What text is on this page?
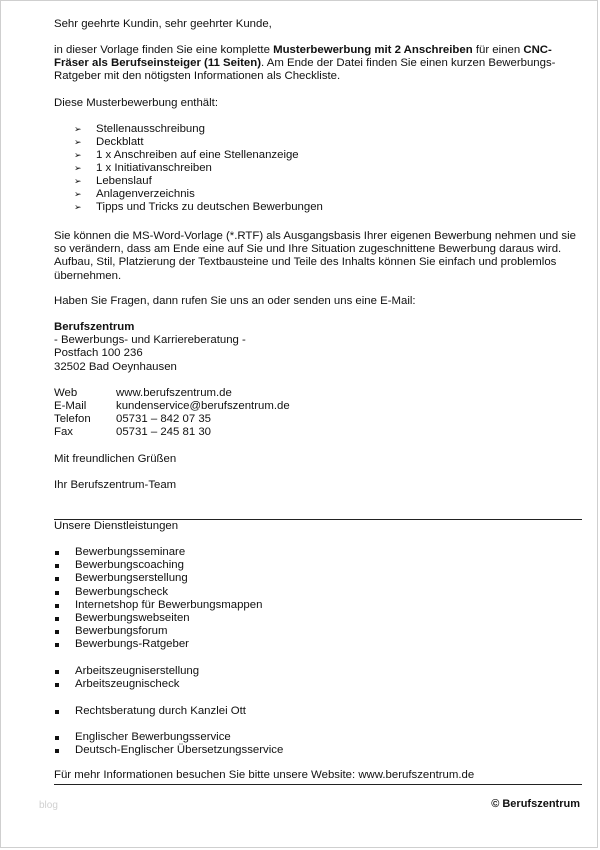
Sehr geehrte Kundin, sehr geehrter Kunde,

in dieser Vorlage finden Sie eine komplette Musterbewerbung mit 2 Anschreiben für einen CNC-Fräser als Berufseinsteiger (11 Seiten). Am Ende der Datei finden Sie einen kurzen Bewerbungs-Ratgeber mit den nötigsten Informationen als Checkliste.

Diese Musterbewerbung enthält:

➢ Stellenausschreibung
➢ Deckblatt
➢ 1 x Anschreiben auf eine Stellenanzeige
➢ 1 x Initiativanschreiben
➢ Lebenslauf
➢ Anlagenverzeichnis
➢ Tipps und Tricks zu deutschen Bewerbungen

Sie können die MS-Word-Vorlage (*.RTF) als Ausgangsbasis Ihrer eigenen Bewerbung nehmen und sie so verändern, dass am Ende eine auf Sie und Ihre Situation zugeschnittene Bewerbung daraus wird. Aufbau, Stil, Platzierung der Textbausteine und Teile des Inhalts können Sie einfach und problemlos übernehmen.

Haben Sie Fragen, dann rufen Sie uns an oder senden uns eine E-Mail:

Berufszentrum
- Bewerbungs- und Karriereberatung -
Postfach 100 236
32502 Bad Oeynhausen
Web	www.berufszentrum.de
E-Mail	kundenservice@berufszentrum.de
Telefon	05731 – 842 07 35
Fax	05731 – 245 81 30

Mit freundlichen Grüßen

Ihr Berufszentrum-Team

Unsere Dienstleistungen

Bewerbungsseminare
Bewerbungscoaching
Bewerbungserstellung
Bewerbungscheck
Internetshop für Bewerbungsmappen
Bewerbungswebseiten
Bewerbungsforum
Bewerbungs-Ratgeber
Arbeitszeugniserstellung
Arbeitszeugnischeck
Rechtsberatung durch Kanzlei Ott
Englischer Bewerbungsservice
Deutsch-Englischer Übersetzungsservice

Für mehr Informationen besuchen Sie bitte unsere Website: www.berufszentrum.de

blog	© Berufszentrum
